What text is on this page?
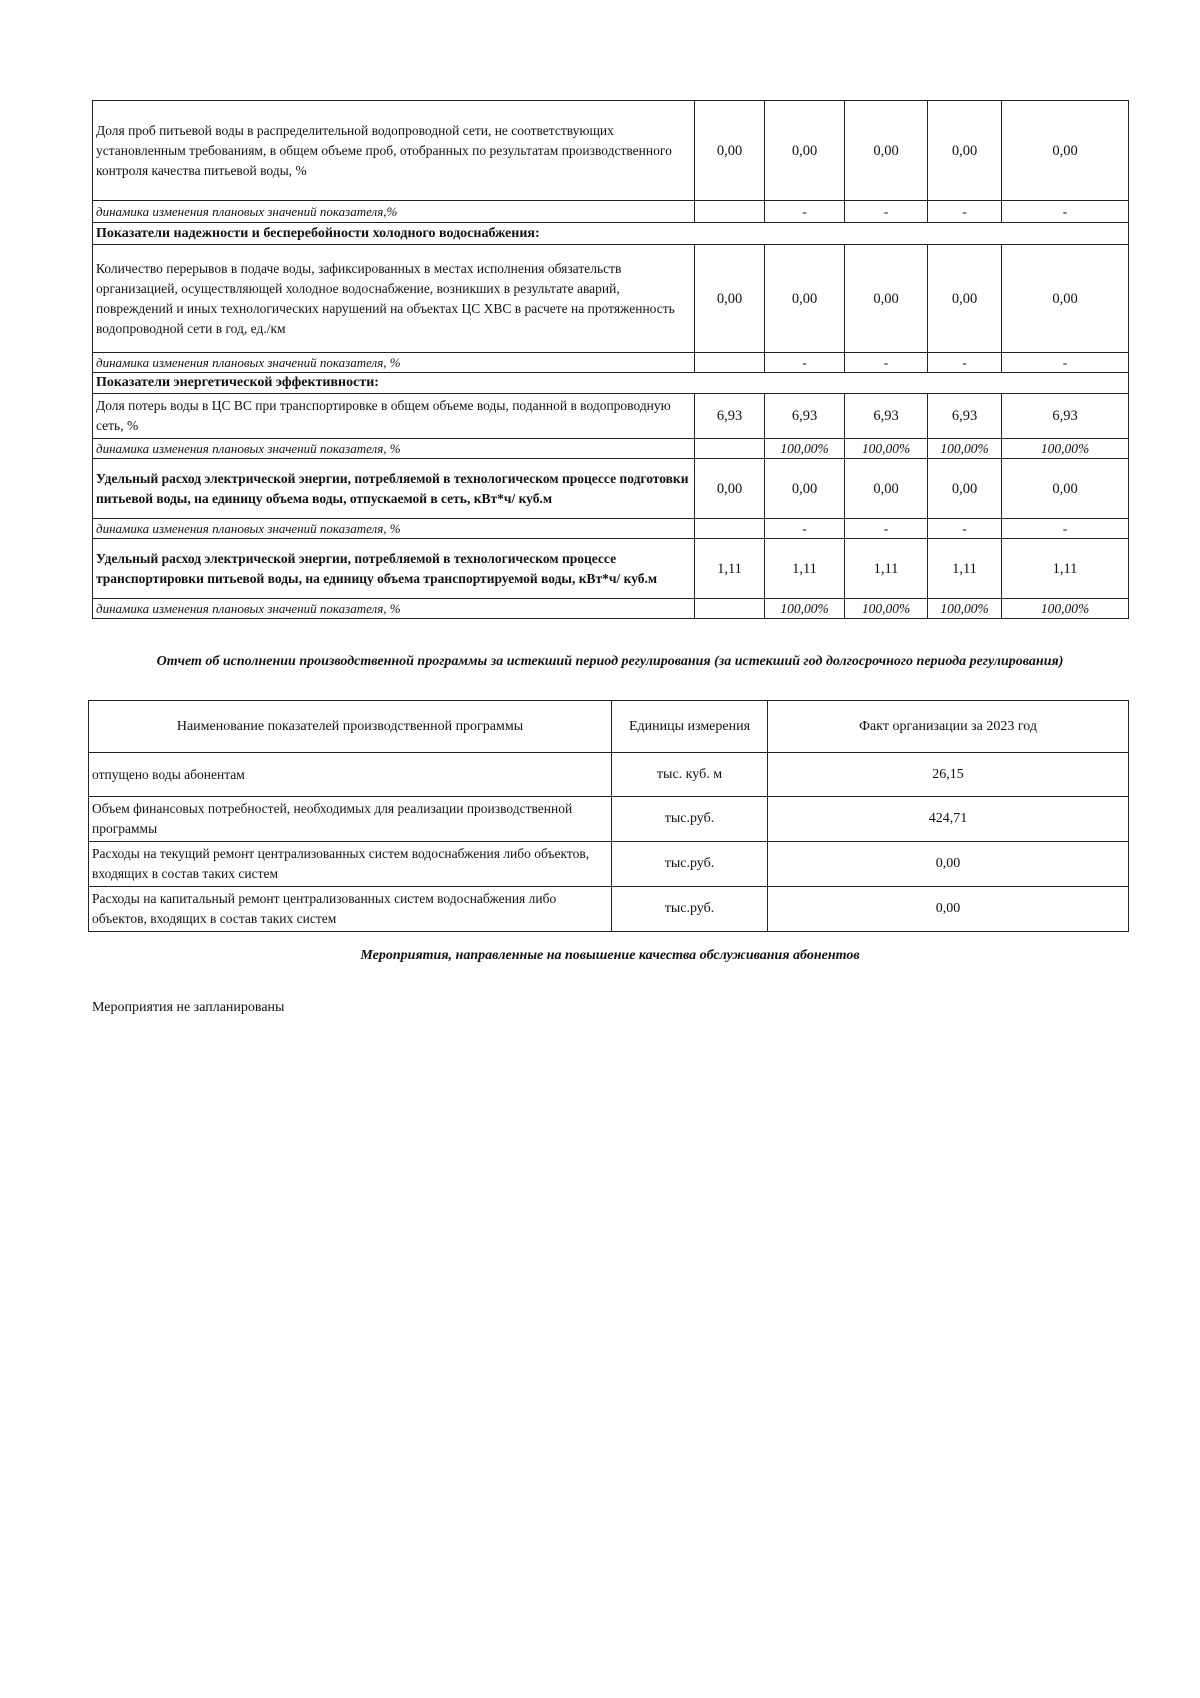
Доля проб питьевой воды в распределительной водопроводной сети, не соответствующих установленным требованиям, в общем объеме проб, отобранных по результатам производственного контроля качества питьевой воды, %	0,00	0,00	0,00	0,00	0,00
динамика изменения плановых значений показателя,%		-	-	-	-
Показатели надежности и бесперебойности холодного водоснабжения:					
Количество перерывов в подаче воды, зафиксированных в местах исполнения обязательств организацией, осуществляющей холодное водоснабжение, возникших в результате аварий, повреждений и иных технологических нарушений на объектах ЦС ХВС в расчете на протяженность водопроводной сети в год, ед./км	0,00	0,00	0,00	0,00	0,00
динамика изменения плановых значений показателя, %		-	-	-	-
Показатели энергетической эффективности:					
Доля потерь воды в ЦС ВС при транспортировке в общем объеме воды, поданной в водопроводную сеть, %	6,93	6,93	6,93	6,93	6,93
динамика изменения плановых значений показателя, %		100,00%	100,00%	100,00%	100,00%
Удельный расход электрической энергии, потребляемой в технологическом процессе подготовки питьевой воды, на единицу объема воды, отпускаемой в сеть, кВт*ч/ куб.м	0,00	0,00	0,00	0,00	0,00
динамика изменения плановых значений показателя, %		-	-	-	-
Удельный расход электрической энергии, потребляемой в технологическом процессе транспортировки питьевой воды, на единицу объема транспортируемой воды, кВт*ч/ куб.м	1,11	1,11	1,11	1,11	1,11
динамика изменения плановых значений показателя, %		100,00%	100,00%	100,00%	100,00%
Отчет об исполнении производственной программы за истекший период регулирования (за истекший год долгосрочного периода регулирования)
Наименование показателей производственной программы	Единицы измерения	Факт организации за 2023 год
отпущено воды абонентам	тыс. куб. м	26,15
Объем финансовых потребностей, необходимых для реализации производственной программы	тыс.руб.	424,71
Расходы на текущий ремонт централизованных систем водоснабжения либо объектов, входящих в состав таких систем	тыс.руб.	0,00
Расходы на капитальный ремонт централизованных систем водоснабжения либо объектов, входящих в состав таких систем	тыс.руб.	0,00
Мероприятия, направленные на повышение качества обслуживания абонентов
Мероприятия не запланированы
